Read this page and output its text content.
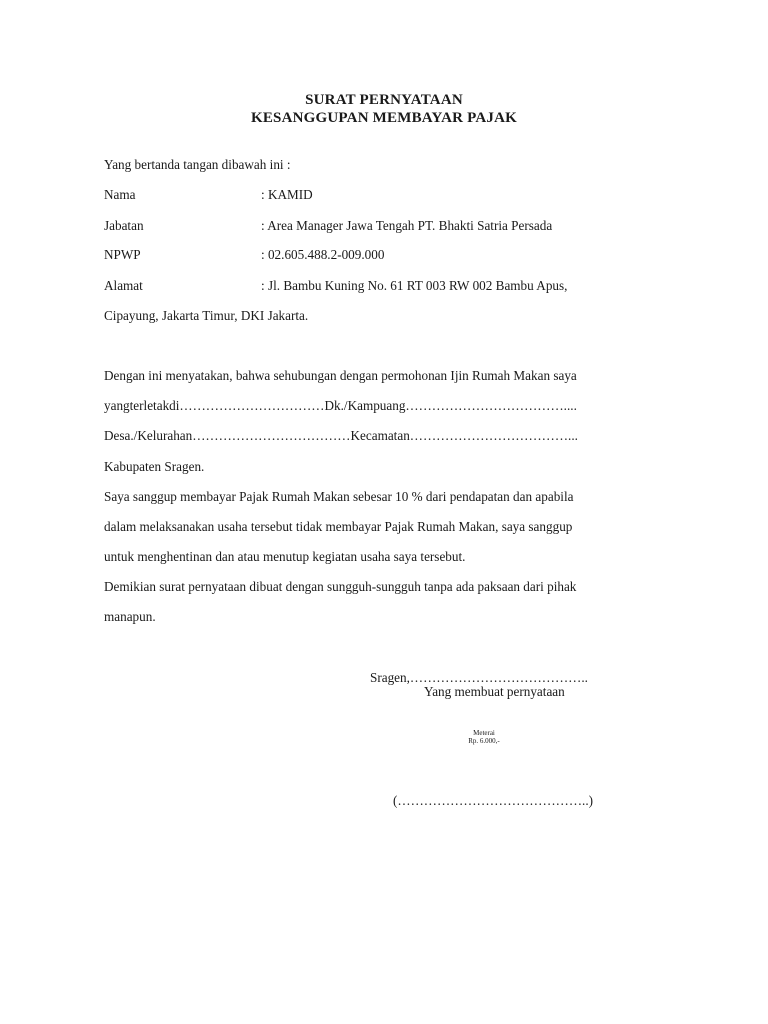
SURAT PERNYATAAN
KESANGGUPAN MEMBAYAR PAJAK
Yang bertanda tangan dibawah ini :
Nama	: KAMID
Jabatan	: Area Manager Jawa Tengah PT. Bhakti Satria Persada
NPWP	: 02.605.488.2-009.000
Alamat	: Jl. Bambu Kuning No. 61 RT 003 RW 002 Bambu Apus,
Cipayung, Jakarta Timur, DKI Jakarta.
Dengan ini menyatakan, bahwa sehubungan dengan permohonan Ijin Rumah Makan saya
yangterletakdi……………………………Dk./Kampuang………………………………....
Desa./Kelurahan………………………………Kecamatan………………………………...
Kabupaten Sragen.
Saya sanggup membayar Pajak Rumah Makan sebesar 10 % dari pendapatan dan apabila
dalam melaksanakan usaha tersebut tidak membayar Pajak Rumah Makan, saya sanggup
untuk menghentinan dan atau menutup kegiatan usaha saya tersebut.
Demikian surat pernyataan dibuat dengan sungguh-sungguh tanpa ada paksaan dari pihak
manapun.
Sragen,…………………………………..
Yang membuat pernyataan
Meterai
Rp. 6.000,-
(……………………………………..)
